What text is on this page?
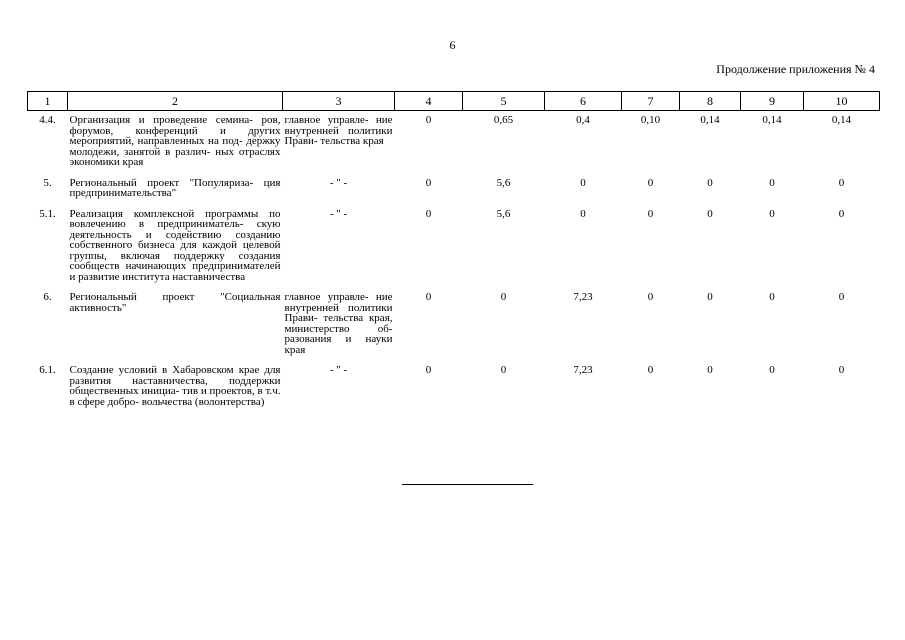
6
Продолжение приложения № 4
1	2	3	4	5	6	7	8	9	10
4.4.	Организация и проведение семина- ров, форумов, конференций и других мероприятий, направленных на под- держку молодежи, занятой в различ- ных отраслях экономики края	главное управле- ние внутренней политики Прави- тельства края	0	0,65	0,4	0,10	0,14	0,14	0,14
5.	Региональный проект "Популяриза- ция предпринимательства"	- " -	0	5,6	0	0	0	0	0
5.1.	Реализация комплексной программы по вовлечению в предприниматель- скую деятельность и содействию созданию собственного бизнеса для каждой целевой группы, включая поддержку создания сообществ начинающих предпринимателей и развитие института наставничества	- " -	0	5,6	0	0	0	0	0
6.	Региональный проект "Социальная активность"	главное управле- ние внутренней политики Прави- тельства края, министерство об- разования и науки края	0	0	7,23	0	0	0	0
6.1.	Создание условий в Хабаровском крае для развития наставничества, поддержки общественных инициа- тив и проектов, в т.ч. в сфере добро- вольчества (волонтерства)	- " -	0	0	7,23	0	0	0	0
